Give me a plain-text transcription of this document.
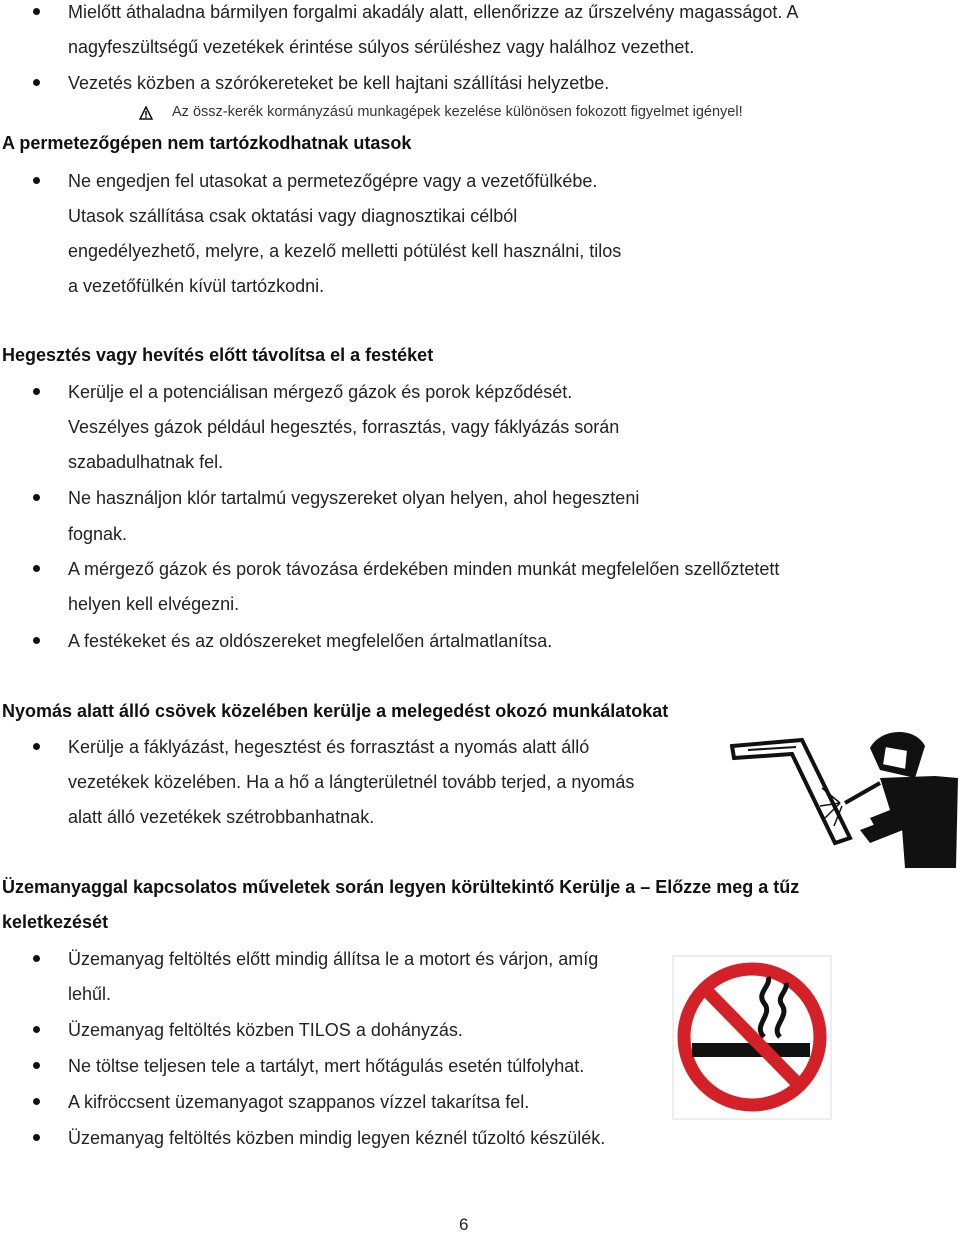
Mielőtt áthaladna bármilyen forgalmi akadály alatt, ellenőrizze az űrszelvény magasságot. A
nagyfeszültségű vezetékek érintése súlyos sérüléshez vagy halálhoz vezethet.
Vezetés közben a szórókereteket be kell hajtani szállítási helyzetbe.
Az össz-kerék kormányzású munkagépek kezelése különösen fokozott figyelmet igényel!
A permetezőgépen nem tartózkodhatnak utasok
Ne engedjen fel utasokat a permetezőgépre vagy a vezetőfülkébe.
Utasok szállítása csak oktatási vagy diagnosztikai célból
engedélyezhető, melyre, a kezelő melletti pótülést kell használni, tilos
a vezetőfülkén kívül tartózkodni.
Hegesztés vagy hevítés előtt távolítsa el a festéket
Kerülje el a potenciálisan mérgező gázok és porok képződését.
Veszélyes gázok például hegesztés, forrasztás, vagy fáklyázás során
szabadulhatnak fel.
Ne használjon klór tartalmú vegyszereket olyan helyen, ahol hegeszteni
fognak.
A mérgező gázok és porok távozása érdekében minden munkát megfelelően szellőztetett
helyen kell elvégezni.
A festékeket és az oldószereket megfelelően ártalmatlanítsa.
Nyomás alatt álló csövek közelében kerülje a melegedést okozó munkálatokat
Kerülje a fáklyázást, hegesztést és forrasztást a nyomás alatt álló
vezetékek közelében. Ha a hő a lángterületnél tovább terjed, a nyomás
alatt álló vezetékek szétrobbanhatnak.
Üzemanyaggal kapcsolatos műveletek során legyen körültekintő Kerülje a – Előzze meg a tűz
keletkezését
Üzemanyag feltöltés előtt mindig állítsa le a motort és várjon, amíg
lehűl.
Üzemanyag feltöltés közben TILOS a dohányzás.
Ne töltse teljesen tele a tartályt, mert hőtágulás esetén túlfolyhat.
A kifröccsent üzemanyagot szappanos vízzel takarítsa fel.
Üzemanyag feltöltés közben mindig legyen kéznél tűzoltó készülék.
6
